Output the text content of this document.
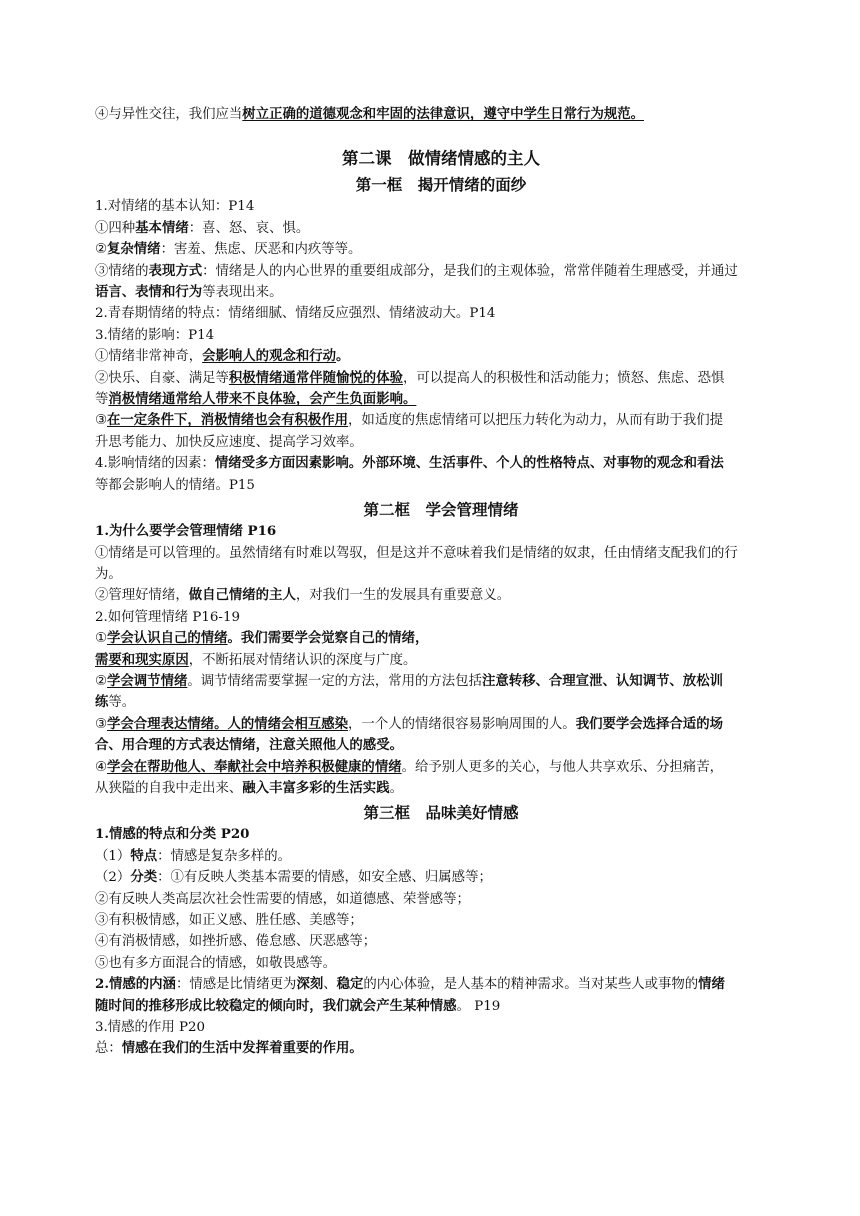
④与异性交往，我们应当树立正确的道德观念和牢固的法律意识，遵守中学生日常行为规范。
第二课　做情绪情感的主人
第一框　揭开情绪的面纱
1.对情绪的基本认知：P14
①四种基本情绪：喜、怒、哀、惧。
②复杂情绪：害羞、焦虑、厌恶和内疚等等。
③情绪的表现方式：情绪是人的内心世界的重要组成部分，是我们的主观体验，常常伴随着生理感受，并通过
语言、表情和行为等表现出来。
2.青春期情绪的特点：情绪细腻、情绪反应强烈、情绪波动大。P14
3.情绪的影响：P14
①情绪非常神奇，会影响人的观念和行动。
②快乐、自豪、满足等积极情绪通常伴随愉悦的体验，可以提高人的积极性和活动能力；愤怒、焦虑、恐惧
等消极情绪通常给人带来不良体验，会产生负面影响。
③在一定条件下，消极情绪也会有积极作用，如适度的焦虑情绪可以把压力转化为动力，从而有助于我们提
升思考能力、加快反应速度、提高学习效率。
4.影响情绪的因素：情绪受多方面因素影响。外部环境、生活事件、个人的性格特点、对事物的观念和看法
等都会影响人的情绪。P15
第二框　学会管理情绪
1.为什么要学会管理情绪 P16
①情绪是可以管理的。虽然情绪有时难以驾驭，但是这并不意味着我们是情绪的奴隶，任由情绪支配我们的行
为。
②管理好情绪，做自己情绪的主人，对我们一生的发展具有重要意义。
2.如何管理情绪 P16-19
①学会认识自己的情绪。我们需要学会觉察自己的情绪，
需要和现实原因，不断拓展对情绪认识的深度与广度。
②学会调节情绪。调节情绪需要掌握一定的方法，常用的方法包括注意转移、合理宣泄、认知调节、放松训
练等。
③学会合理表达情绪。人的情绪会相互感染，一个人的情绪很容易影响周围的人。我们要学会选择合适的场
合、用合理的方式表达情绪，注意关照他人的感受。
④学会在帮助他人、奉献社会中培养积极健康的情绪。给予别人更多的关心，与他人共享欢乐、分担痛苦，
从狭隘的自我中走出来、融入丰富多彩的生活实践。
第三框　品味美好情感
1.情感的特点和分类 P20
（1）特点：情感是复杂多样的。
（2）分类：①有反映人类基本需要的情感，如安全感、归属感等；
②有反映人类高层次社会性需要的情感，如道德感、荣誉感等；
③有积极情感，如正义感、胜任感、美感等；
④有消极情感，如挫折感、倦怠感、厌恶感等；
⑤也有多方面混合的情感，如敬畏感等。
2.情感的内涵：情感是比情绪更为深刻、稳定的内心体验，是人基本的精神需求。当对某些人或事物的情绪
随时间的推移形成比较稳定的倾向时，我们就会产生某种情感。 P19
3.情感的作用 P20
总：情感在我们的生活中发挥着重要的作用。
